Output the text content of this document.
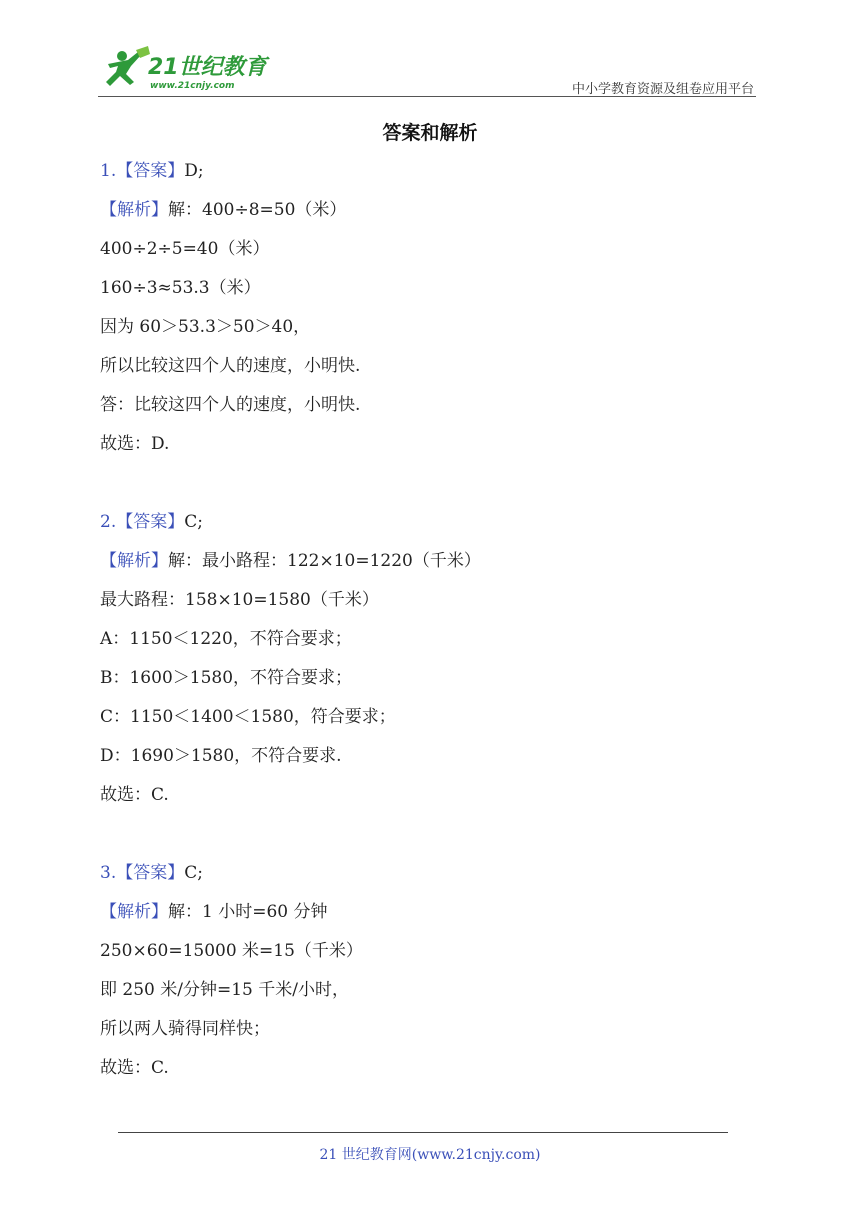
21世纪教育
www.21cnjy.com	中小学教育资源及组卷应用平台
答案和解析
1.【答案】D;
【解析】解：400÷8=50（米）
400÷2÷5=40（米）
160÷3≈53.3（米）
因为 60＞53.3＞50＞40，
所以比较这四个人的速度，小明快.
答：比较这四个人的速度，小明快.
故选：D.
2.【答案】C;
【解析】解：最小路程：122×10=1220（千米）
最大路程：158×10=1580（千米）
A：1150＜1220，不符合要求；
B：1600＞1580，不符合要求；
C：1150＜1400＜1580，符合要求；
D：1690＞1580，不符合要求.
故选：C.
3.【答案】C;
【解析】解：1 小时=60 分钟
250×60=15000 米=15（千米）
即 250 米/分钟=15 千米/小时，
所以两人骑得同样快；
故选：C.
21 世纪教育网(www.21cnjy.com)
